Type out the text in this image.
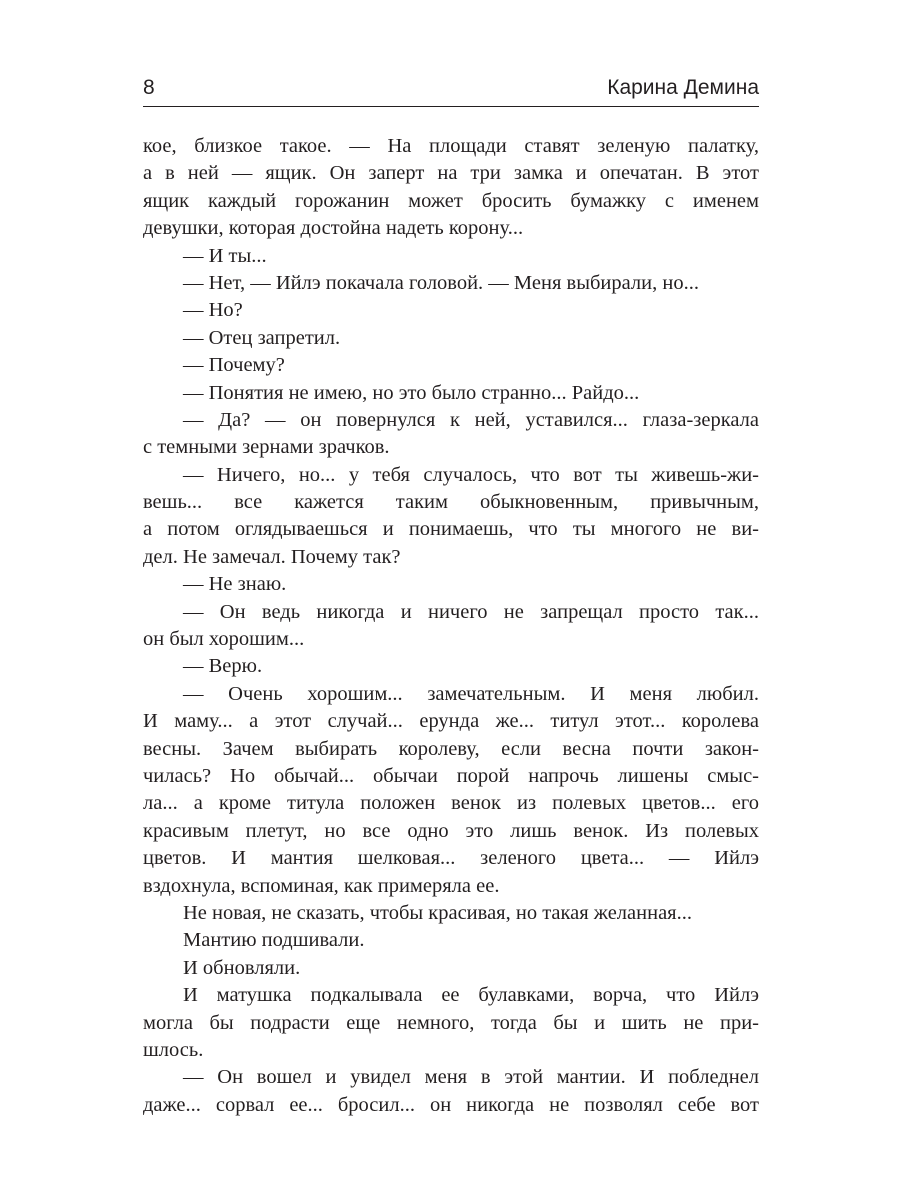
8	Карина Демина
кое, близкое такое. — На площади ставят зеленую палатку,
а в ней — ящик. Он заперт на три замка и опечатан. В этот
ящик каждый горожанин может бросить бумажку с именем
девушки, которая достойна надеть корону...
— И ты...
— Нет, — Ийлэ покачала головой. — Меня выбирали, но...
— Но?
— Отец запретил.
— Почему?
— Понятия не имею, но это было странно... Райдо...
— Да? — он повернулся к ней, уставился... глаза-зеркала
с темными зернами зрачков.
— Ничего, но... у тебя случалось, что вот ты живешь-жи-
вешь... все кажется таким обыкновенным, привычным,
а потом оглядываешься и понимаешь, что ты многого не ви-
дел. Не замечал. Почему так?
— Не знаю.
— Он ведь никогда и ничего не запрещал просто так...
он был хорошим...
— Верю.
— Очень хорошим... замечательным. И меня любил.
И маму... а этот случай... ерунда же... титул этот... королева
весны. Зачем выбирать королеву, если весна почти закон-
чилась? Но обычай... обычаи порой напрочь лишены смыс-
ла... а кроме титула положен венок из полевых цветов... его
красивым плетут, но все одно это лишь венок. Из полевых
цветов. И мантия шелковая... зеленого цвета... — Ийлэ
вздохнула, вспоминая, как примеряла ее.
Не новая, не сказать, чтобы красивая, но такая желанная...
Мантию подшивали.
И обновляли.
И матушка подкалывала ее булавками, ворча, что Ийлэ
могла бы подрасти еще немного, тогда бы и шить не при-
шлось.
— Он вошел и увидел меня в этой мантии. И побледнел
даже... сорвал ее... бросил... он никогда не позволял себе вот
